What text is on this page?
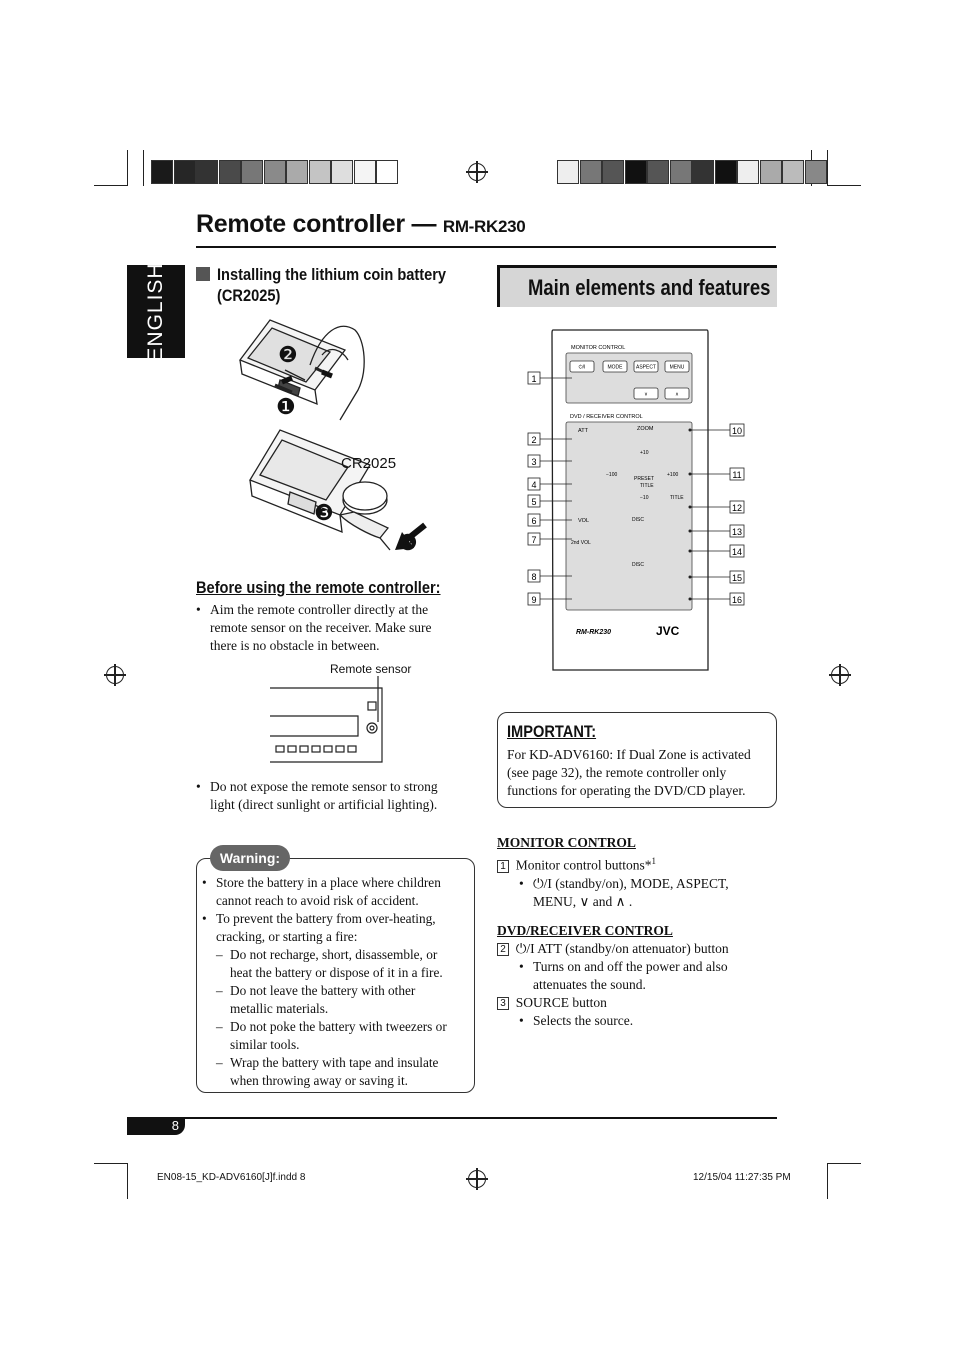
Remote controller — RM-RK230
ENGLISH	Installing the lithium coin battery
(CR2025)
❷
❶
❸
❹
CR2025
Before using the remote controller:
• Aim the remote controller directly at the
remote sensor on the receiver. Make sure
there is no obstacle in between.
Remote sensor
• Do not expose the remote sensor to strong
light (direct sunlight or artificial lighting).
Warning:
• Store the battery in a place where children
cannot reach to avoid risk of accident.
• To prevent the battery from over-heating,
cracking, or starting a fire:
– Do not recharge, short, disassemble, or
heat the battery or dispose of it in a fire.
– Do not leave the battery with other
metallic materials.
– Do not poke the battery with tweezers or
similar tools.
– Wrap the battery with tape and insulate
when throwing away or saving it.
Main elements and features
MONITOR CONTROL
⏻/I	MODE	ASPECT	MENU
∨	∧
DVD / RECEIVER CONTROL
ATT	ZOOM
+10
−100	+100
PRESET
TITLE
−10	TITLE
VOL
2nd VOL
DISC
DISC
RM-RK230	JVC
1
2
3
4
5
6
7
8
9
10
11
12
13
14
15
16
IMPORTANT:
For KD-ADV6160: If Dual Zone is activated
(see page 32), the remote controller only
functions for operating the DVD/CD player.
MONITOR CONTROL
1 Monitor control buttons*$^1$
• ⏻/I (standby/on), MODE, ASPECT,
MENU, ∨ and ∧ .
DVD/RECEIVER CONTROL
2 ⏻/I ATT (standby/on attenuator) button
• Turns on and off the power and also
attenuates the sound.
3 SOURCE button
• Selects the source.
8
EN08-15_KD-ADV6160[J]f.indd 8	12/15/04 11:27:35 PM
